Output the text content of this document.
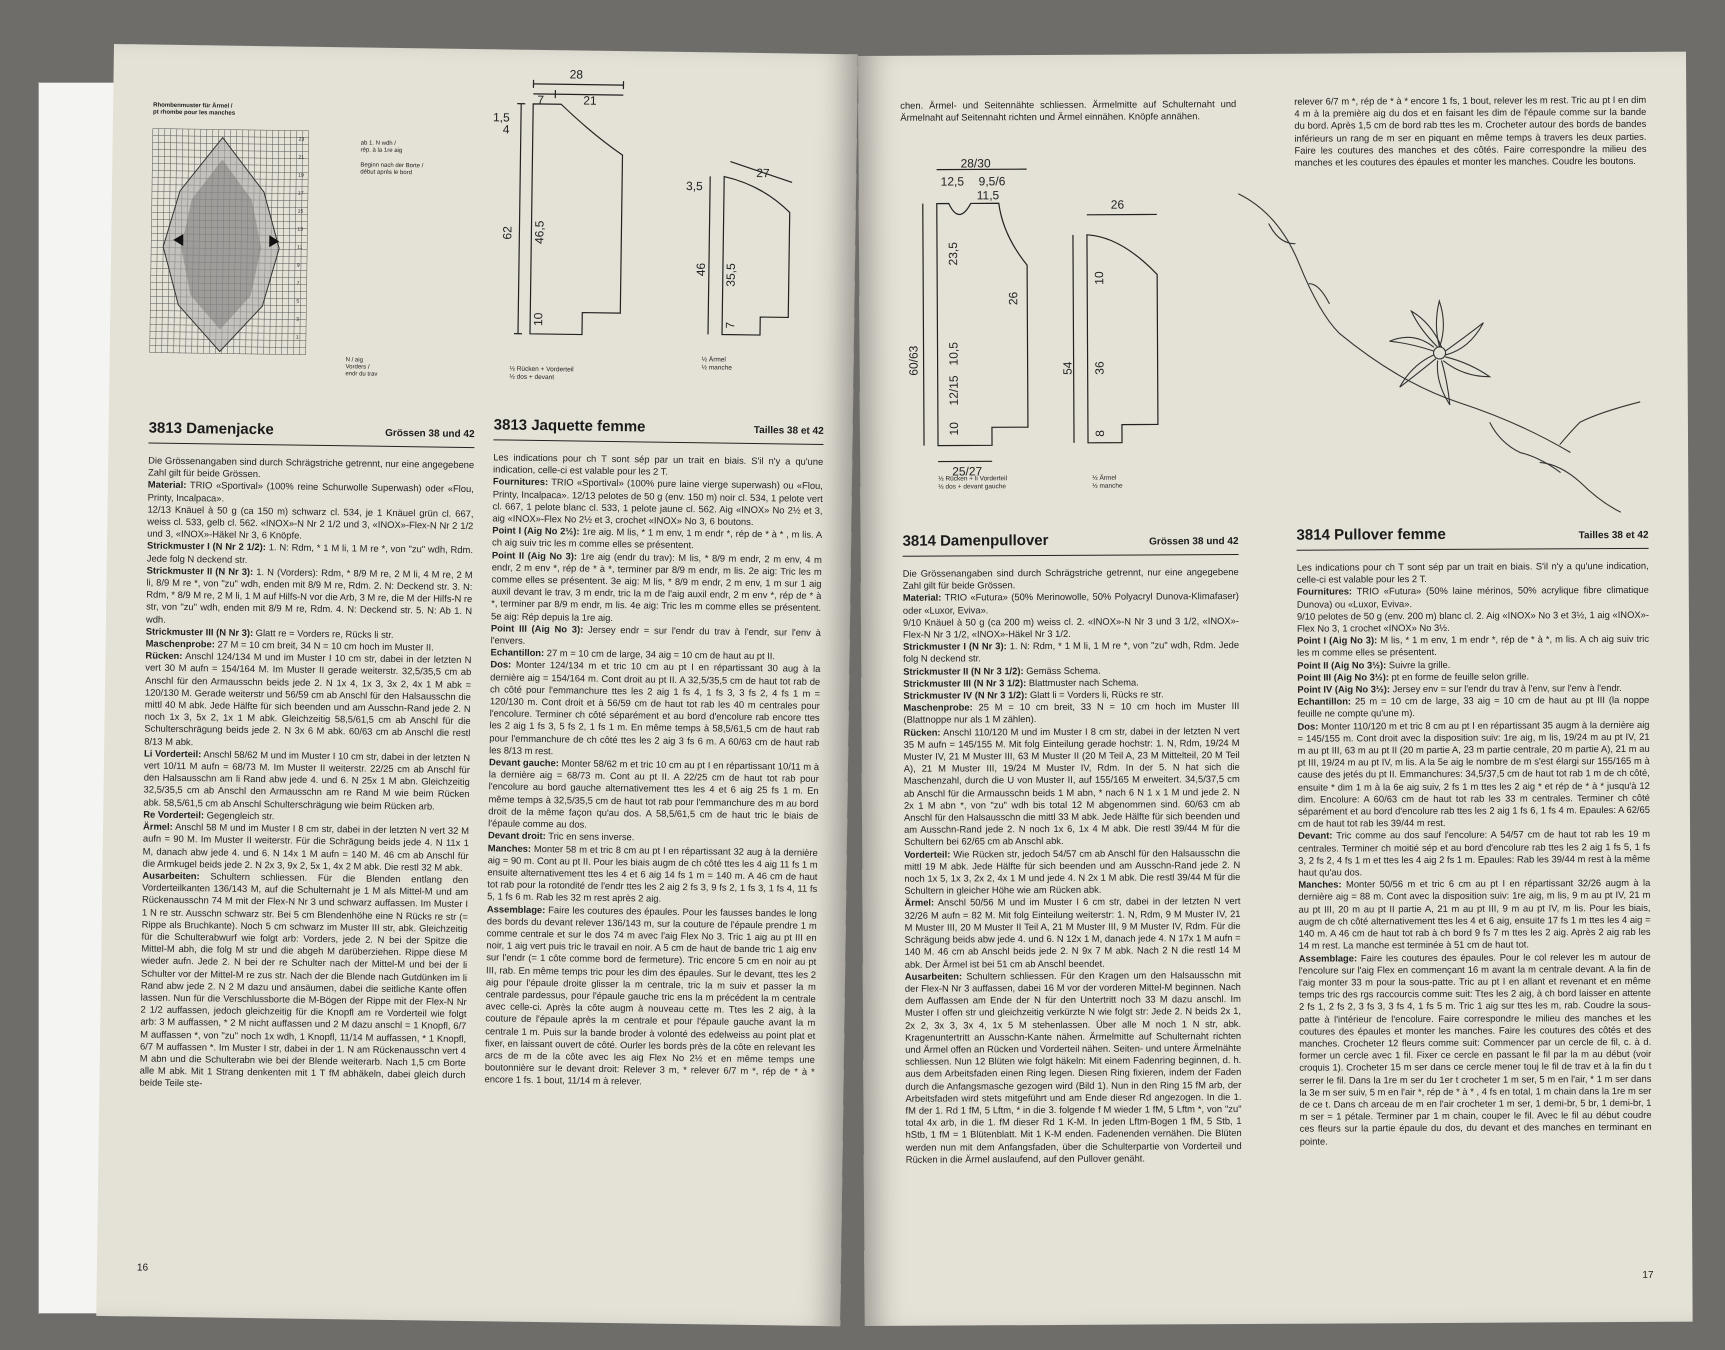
Rhombenmuster für Ärmel /
pt rhombe pour les manches
23
21
19
17
15
13
11
9
7
5
3
1
ab 1. N wdh /
rép. à la 1re aig
Beginn nach der Borte /
début après le bord
N / aig
Vorders /
endr du trav
28
7	21
1,5
4
46,5
62
10
27
3,5
46 35,5
7
½ Rücken + Vorderteil
½ dos + devant
½ Ärmel
½ manche
3813 Damenjacke	Grössen 38 und 42 3813 Jaquette femme	Tailles 38 et 42

Die Grössenangaben sind durch Schrägstriche getrennt, nur eine angegebene Zahl gilt für beide Grössen.

Material: TRIO «Sportival» (100% reine Schurwolle Superwash) oder «Flou, Printy, Incalpaca».

12/13 Knäuel à 50 g (ca 150 m) schwarz cl. 534, je 1 Knäuel grün cl. 667, weiss cl. 533, gelb cl. 562. «INOX»-N Nr 2 1/2 und 3, «INOX»-Flex-N Nr 2 1/2 und 3, «INOX»-Häkel Nr 3, 6 Knöpfe.

Strickmuster I (N Nr 2 1/2): 1. N: Rdm, * 1 M li, 1 M re *, von "zu" wdh, Rdm. Jede folg N deckend str.

Strickmuster II (N Nr 3): 1. N (Vorders): Rdm, * 8/9 M re, 2 M li, 4 M re, 2 M li, 8/9 M re *, von "zu" wdh, enden mit 8/9 M re, Rdm. 2. N: Deckend str. 3. N: Rdm, * 8/9 M re, 2 M li, 1 M auf Hilfs-N vor die Arb, 3 M re, die M der Hilfs-N re str, von "zu" wdh, enden mit 8/9 M re, Rdm. 4. N: Deckend str. 5. N: Ab 1. N wdh.

Strickmuster III (N Nr 3): Glatt re = Vorders re, Rücks li str.

Maschenprobe: 27 M = 10 cm breit, 34 N = 10 cm hoch im Muster II.

Rücken: Anschl 124/134 M und im Muster I 10 cm str, dabei in der letzten N vert 30 M aufn = 154/164 M. Im Muster II gerade weiterstr. 32,5/35,5 cm ab Anschl für den Armausschn beids jede 2. N 1x 4, 1x 3, 3x 2, 4x 1 M abk = 120/130 M. Gerade weiterstr und 56/59 cm ab Anschl für den Halsausschn die mittl 40 M abk. Jede Hälfte für sich beenden und am Ausschn-Rand jede 2. N noch 1x 3, 5x 2, 1x 1 M abk. Gleichzeitig 58,5/61,5 cm ab Anschl für die Schulterschrägung beids jede 2. N 3x 6 M abk. 60/63 cm ab Anschl die restl 8/13 M abk.

Li Vorderteil: Anschl 58/62 M und im Muster I 10 cm str, dabei in der letzten N vert 10/11 M aufn = 68/73 M. Im Muster II weiterstr. 22/25 cm ab Anschl für den Halsausschn am li Rand abw jede 4. und 6. N 25x 1 M abn. Gleichzeitig 32,5/35,5 cm ab Anschl den Armausschn am re Rand M wie beim Rücken abk. 58,5/61,5 cm ab Anschl Schulterschrägung wie beim Rücken arb.

Re Vorderteil: Gegengleich str.

Ärmel: Anschl 58 M und im Muster I 8 cm str, dabei in der letzten N vert 32 M aufn = 90 M. Im Muster II weiterstr. Für die Schrägung beids jede 4. N 11x 1 M, danach abw jede 4. und 6. N 14x 1 M aufn = 140 M. 46 cm ab Anschl für die Armkugel beids jede 2. N 2x 3, 9x 2, 5x 1, 4x 2 M abk. Die restl 32 M abk.

Ausarbeiten: Schultern schliessen. Für die Blenden entlang den Vorderteilkanten 136/143 M, auf die Schulternaht je 1 M als Mittel-M und am Rückenausschn 74 M mit der Flex-N Nr 3 und schwarz auffassen. Im Muster I 1 N re str. Ausschn schwarz str. Bei 5 cm Blendenhöhe eine N Rücks re str (= Rippe als Bruchkante). Noch 5 cm schwarz im Muster III str, abk. Gleichzeitig für die Schulterabwurf wie folgt arb: Vorders, jede 2. N bei der Spitze die Mittel-M abh, die folg M str und die abgeh M darüberziehen. Rippe diese M wieder aufn. Jede 2. N bei der re Schulter nach der Mittel-M und bei der li Schulter vor der Mittel-M re zus str. Nach der die Blende nach Gutdünken im li Rand abw jede 2. N 2 M dazu und ansäumen, dabei die seitliche Kante offen lassen. Nun für die Verschlussborte die M-Bögen der Rippe mit der Flex-N Nr 2 1/2 auffassen, jedoch gleichzeitig für die Knopfl am re Vorderteil wie folgt arb: 3 M auffassen, * 2 M nicht auffassen und 2 M dazu anschl = 1 Knopfl, 6/7 M auffassen *, von "zu" noch 1x wdh, 1 Knopfl, 11/14 M auffassen, * 1 Knopfl, 6/7 M auffassen *. Im Muster I str, dabei in der 1. N am Rückenausschn vert 4 M abn und die Schulterabn wie bei der Blende weiterarb. Nach 1,5 cm Borte alle M abk. Mit 1 Strang denkenten mit 1 T fM abhäkeln, dabei gleich durch beide Teile ste-

Les indications pour ch T sont sép par un trait en biais. S'il n'y a qu'une indication, celle-ci est valable pour les 2 T.

Fournitures: TRIO «Sportival» (100% pure laine vierge superwash) ou «Flou, Printy, Incalpaca». 12/13 pelotes de 50 g (env. 150 m) noir cl. 534, 1 pelote vert cl. 667, 1 pelote blanc cl. 533, 1 pelote jaune cl. 562. Aig «INOX» No 2½ et 3, aig «INOX»-Flex No 2½ et 3, crochet «INOX» No 3, 6 boutons.

Point I (Aig No 2½): 1re aig. M lis, * 1 m env, 1 m endr *, rép de * à * , m lis. A ch aig suiv tric les m comme elles se présentent.

Point II (Aig No 3): 1re aig (endr du trav): M lis, * 8/9 m endr, 2 m env, 4 m endr, 2 m env *, rép de * à *, terminer par 8/9 m endr, m lis. 2e aig: Tric les m comme elles se présentent. 3e aig: M lis, * 8/9 m endr, 2 m env, 1 m sur 1 aig auxil devant le trav, 3 m endr, tric la m de l'aig auxil endr, 2 m env *, rép de * à *, terminer par 8/9 m endr, m lis. 4e aig: Tric les m comme elles se présentent. 5e aig: Rép depuis la 1re aig.

Point III (Aig No 3): Jersey endr = sur l'endr du trav à l'endr, sur l'env à l'envers.

Echantillon: 27 m = 10 cm de large, 34 aig = 10 cm de haut au pt II.

Dos: Monter 124/134 m et tric 10 cm au pt I en répartissant 30 aug à la dernière aig = 154/164 m. Cont droit au pt II. A 32,5/35,5 cm de haut tot rab de ch côté pour l'emmanchure ttes les 2 aig 1 fs 4, 1 fs 3, 3 fs 2, 4 fs 1 m = 120/130 m. Cont droit et à 56/59 cm de haut tot rab les 40 m centrales pour l'encolure. Terminer ch côté séparément et au bord d'encolure rab encore ttes les 2 aig 1 fs 3, 5 fs 2, 1 fs 1 m. En même temps à 58,5/61,5 cm de haut rab pour l'emmanchure de ch côté ttes les 2 aig 3 fs 6 m. A 60/63 cm de haut rab les 8/13 m rest.

Devant gauche: Monter 58/62 m et tric 10 cm au pt I en répartissant 10/11 m à la dernière aig = 68/73 m. Cont au pt II. A 22/25 cm de haut tot rab pour l'encolure au bord gauche alternativement ttes les 4 et 6 aig 25 fs 1 m. En même temps à 32,5/35,5 cm de haut tot rab pour l'emmanchure des m au bord droit de la même façon qu'au dos. A 58,5/61,5 cm de haut tric le biais de l'épaule comme au dos.

Devant droit: Tric en sens inverse.

Manches: Monter 58 m et tric 8 cm au pt I en répartissant 32 aug à la dernière aig = 90 m. Cont au pt II. Pour les biais augm de ch côté ttes les 4 aig 11 fs 1 m ensuite alternativement ttes les 4 et 6 aig 14 fs 1 m = 140 m. A 46 cm de haut tot rab pour la rotondité de l'endr ttes les 2 aig 2 fs 3, 9 fs 2, 1 fs 3, 1 fs 4, 11 fs 5, 1 fs 6 m. Rab les 32 m rest après 2 aig.

Assemblage: Faire les coutures des épaules. Pour les fausses bandes le long des bords du devant relever 136/143 m, sur la couture de l'épaule prendre 1 m comme centrale et sur le dos 74 m avec l'aig Flex No 3. Tric 1 aig au pt III en noir, 1 aig vert puis tric le travail en noir. A 5 cm de haut de bande tric 1 aig env sur l'endr (= 1 côte comme bord de fermeture). Tric encore 5 cm en noir au pt III, rab. En même temps tric pour les dim des épaules. Sur le devant, ttes les 2 aig pour l'épaule droite glisser la m centrale, tric la m suiv et passer la m centrale pardessus, pour l'épaule gauche tric ens la m précédent la m centrale avec celle-ci. Après la côte augm à nouveau cette m. Ttes les 2 aig, à la couture de l'épaule après la m centrale et pour l'épaule gauche avant la m centrale 1 m. Puis sur la bande broder à volonté des edelweiss au point plat et fixer, en laissant ouvert de côté. Ourler les bords près de la côte en relevant les arcs de m de la côte avec les aig Flex No 2½ et en même temps une boutonnière sur le devant droit: Relever 3 m, * relever 6/7 m *, rép de * à * encore 1 fs. 1 bout, 11/14 m à relever.

16
chen. Ärmel- und Seitennähte schliessen. Ärmelmitte auf Schulternaht und Ärmelnaht auf Seitennaht richten und Ärmel einnähen. Knöpfe annähen.
relever 6/7 m *, rép de * à * encore 1 fs, 1 bout, relever les m rest. Tric au pt I en dim 4 m à la première aig du dos et en faisant les dim de l'épaule comme sur la bande du bord. Après 1,5 cm de bord rab ttes les m. Crocheter autour des bords de bandes inférieurs un rang de m ser en piquant en même temps à travers les deux parties. Faire les coutures des manches et des côtés. Faire correspondre la milieu des manches et les coutures des épaules et monter les manches. Coudre les boutons.
28/30
12,5 9,5/6
11,5
23,5
26
60/63 10,5
12/15
10
25/27
26
10
54 36
8
½ Rücken + li Vorderteil
½ dos + devant gauche
½ Ärmel
½ manche
3814 Damenpullover	Grössen 38 und 42	3814 Pullover femme	Tailles 38 et 42

Die Grössenangaben sind durch Schrägstriche getrennt, nur eine angegebene Zahl gilt für beide Grössen.

Material: TRIO «Futura» (50% Merinowolle, 50% Polyacryl Dunova-Klimafaser) oder «Luxor, Eviva».

9/10 Knäuel à 50 g (ca 200 m) weiss cl. 2. «INOX»-N Nr 3 und 3 1/2, «INOX»-Flex-N Nr 3 1/2, «INOX»-Häkel Nr 3 1/2.

Strickmuster I (N Nr 3): 1. N: Rdm, * 1 M li, 1 M re *, von "zu" wdh, Rdm. Jede folg N deckend str.

Strickmuster II (N Nr 3 1/2): Gemäss Schema.

Strickmuster III (N Nr 3 1/2): Blattmuster nach Schema.

Strickmuster IV (N Nr 3 1/2): Glatt li = Vorders li, Rücks re str.

Maschenprobe: 25 M = 10 cm breit, 33 N = 10 cm hoch im Muster III (Blattnoppe nur als 1 M zählen).

Rücken: Anschl 110/120 M und im Muster I 8 cm str, dabei in der letzten N vert 35 M aufn = 145/155 M. Mit folg Einteilung gerade hochstr: 1. N, Rdm, 19/24 M Muster IV, 21 M Muster III, 63 M Muster II (20 M Teil A, 23 M Mittelteil, 20 M Teil A), 21 M Muster III, 19/24 M Muster IV, Rdm. In der 5. N hat sich die Maschenzahl, durch die U von Muster II, auf 155/165 M erweitert. 34,5/37,5 cm ab Anschl für die Armausschn beids 1 M abn, * nach 6 N 1 x 1 M und jede 2. N 2x 1 M abn *, von "zu" wdh bis total 12 M abgenommen sind. 60/63 cm ab Anschl für den Halsausschn die mittl 33 M abk. Jede Hälfte für sich beenden und am Ausschn-Rand jede 2. N noch 1x 6, 1x 4 M abk. Die restl 39/44 M für die Schultern bei 62/65 cm ab Anschl abk.

Vorderteil: Wie Rücken str, jedoch 54/57 cm ab Anschl für den Halsausschn die mittl 19 M abk. Jede Hälfte für sich beenden und am Ausschn-Rand jede 2. N noch 1x 5, 1x 3, 2x 2, 4x 1 M und jede 4. N 2x 1 M abk. Die restl 39/44 M für die Schultern in gleicher Höhe wie am Rücken abk.

Ärmel: Anschl 50/56 M und im Muster I 6 cm str, dabei in der letzten N vert 32/26 M aufn = 82 M. Mit folg Einteilung weiterstr: 1. N, Rdm, 9 M Muster IV, 21 M Muster III, 20 M Muster II Teil A, 21 M Muster III, 9 M Muster IV, Rdm. Für die Schrägung beids abw jede 4. und 6. N 12x 1 M, danach jede 4. N 17x 1 M aufn = 140 M. 46 cm ab Anschl beids jede 2. N 9x 7 M abk. Nach 2 N die restl 14 M abk. Der Ärmel ist bei 51 cm ab Anschl beendet.

Ausarbeiten: Schultern schliessen. Für den Kragen um den Halsausschn mit der Flex-N Nr 3 auffassen, dabei 16 M vor der vorderen Mittel-M beginnen. Nach dem Auffassen am Ende der N für den Untertritt noch 33 M dazu anschl. Im Muster I offen str und gleichzeitig verkürzte N wie folgt str: Jede 2. N beids 2x 1, 2x 2, 3x 3, 3x 4, 1x 5 M stehenlassen. Über alle M noch 1 N str, abk. Kragenuntertritt an Ausschn-Kante nähen. Ärmelmitte auf Schulternaht richten und Ärmel offen an Rücken und Vorderteil nähen. Seiten- und untere Ärmelnähte schliessen. Nun 12 Blüten wie folgt häkeln: Mit einem Fadenring beginnen, d. h. aus dem Arbeitsfaden einen Ring legen. Diesen Ring fixieren, indem der Faden durch die Anfangsmasche gezogen wird (Bild 1). Nun in den Ring 15 fM arb, der Arbeitsfaden wird stets mitgeführt und am Ende dieser Rd angezogen. In die 1. fM der 1. Rd 1 fM, 5 Lftm, * in die 3. folgende f M wieder 1 fM, 5 Lftm *, von "zu" total 4x arb, in die 1. fM dieser Rd 1 K-M. In jeden Lftm-Bogen 1 fM, 5 Stb, 1 hStb, 1 fM = 1 Blütenblatt. Mit 1 K-M enden. Fadenenden vernähen. Die Blüten werden nun mit dem Anfangsfaden, über die Schulterpartie von Vorderteil und Rücken in die Ärmel auslaufend, auf den Pullover genäht.

Les indications pour ch T sont sép par un trait en biais. S'il n'y a qu'une indication, celle-ci est valable pour les 2 T.

Fournitures: TRIO «Futura» (50% laine mérinos, 50% acrylique fibre climatique Dunova) ou «Luxor, Eviva».

9/10 pelotes de 50 g (env. 200 m) blanc cl. 2. Aig «INOX» No 3 et 3½, 1 aig «INOX»-Flex No 3, 1 crochet «INOX» No 3½.

Point I (Aig No 3): M lis, * 1 m env, 1 m endr *, rép de * à *, m lis. A ch aig suiv tric les m comme elles se présentent.

Point II (Aig No 3½): Suivre la grille.

Point III (Aig No 3½): pt en forme de feuille selon grille.

Point IV (Aig No 3½): Jersey env = sur l'endr du trav à l'env, sur l'env à l'endr.

Echantillon: 25 m = 10 cm de large, 33 aig = 10 cm de haut au pt III (la noppe feuille ne compte qu'une m).

Dos: Monter 110/120 m et tric 8 cm au pt I en répartissant 35 augm à la dernière aig = 145/155 m. Cont droit avec la disposition suiv: 1re aig, m lis, 19/24 m au pt IV, 21 m au pt III, 63 m au pt II (20 m partie A, 23 m partie centrale, 20 m partie A), 21 m au pt III, 19/24 m au pt IV, m lis. A la 5e aig le nombre de m s'est élargi sur 155/165 m à cause des jetés du pt II. Emmanchures: 34,5/37,5 cm de haut tot rab 1 m de ch côté, ensuite * dim 1 m à la 6e aig suiv, 2 fs 1 m ttes les 2 aig * et rép de * à * jusqu'à 12 dim. Encolure: A 60/63 cm de haut tot rab les 33 m centrales. Terminer ch côté séparément et au bord d'encolure rab ttes les 2 aig 1 fs 6, 1 fs 4 m. Epaules: A 62/65 cm de haut tot rab les 39/44 m rest.

Devant: Tric comme au dos sauf l'encolure: A 54/57 cm de haut tot rab les 19 m centrales. Terminer ch moitié sép et au bord d'encolure rab ttes les 2 aig 1 fs 5, 1 fs 3, 2 fs 2, 4 fs 1 m et ttes les 4 aig 2 fs 1 m. Epaules: Rab les 39/44 m rest à la même haut qu'au dos.

Manches: Monter 50/56 m et tric 6 cm au pt I en répartissant 32/26 augm à la dernière aig = 88 m. Cont avec la disposition suiv: 1re aig, m lis, 9 m au pt IV, 21 m au pt III, 20 m au pt II partie A, 21 m au pt III, 9 m au pt IV, m lis. Pour les biais, augm de ch côté alternativement ttes les 4 et 6 aig, ensuite 17 fs 1 m ttes les 4 aig = 140 m. A 46 cm de haut tot rab à ch bord 9 fs 7 m ttes les 2 aig. Après 2 aig rab les 14 m rest. La manche est terminée à 51 cm de haut tot.

Assemblage: Faire les coutures des épaules. Pour le col relever les m autour de l'encolure sur l'aig Flex en commençant 16 m avant la m centrale devant. A la fin de l'aig monter 33 m pour la sous-patte. Tric au pt I en allant et revenant et en même temps tric des rgs raccourcis comme suit: Ttes les 2 aig, à ch bord laisser en attente 2 fs 1, 2 fs 2, 3 fs 3, 3 fs 4, 1 fs 5 m. Tric 1 aig sur ttes les m, rab. Coudre la sous-patte à l'intérieur de l'encolure. Faire correspondre le milieu des manches et les coutures des épaules et monter les manches. Faire les coutures des côtés et des manches. Crocheter 12 fleurs comme suit: Commencer par un cercle de fil, c. à d. former un cercle avec 1 fil. Fixer ce cercle en passant le fil par la m au début (voir croquis 1). Crocheter 15 m ser dans ce cercle mener touj le fil de trav et à la fin du t serrer le fil. Dans la 1re m ser du 1er t crocheter 1 m ser, 5 m en l'air, * 1 m ser dans la 3e m ser suiv, 5 m en l'air *, rép de * à * , 4 fs en total, 1 m chain dans la 1re m ser de ce t. Dans ch arceau de m en l'air crocheter 1 m ser, 1 demi-br, 5 br, 1 demi-br, 1 m ser = 1 pétale. Terminer par 1 m chain, couper le fil. Avec le fil au début coudre ces fleurs sur la partie épaule du dos, du devant et des manches en terminant en pointe.

17
